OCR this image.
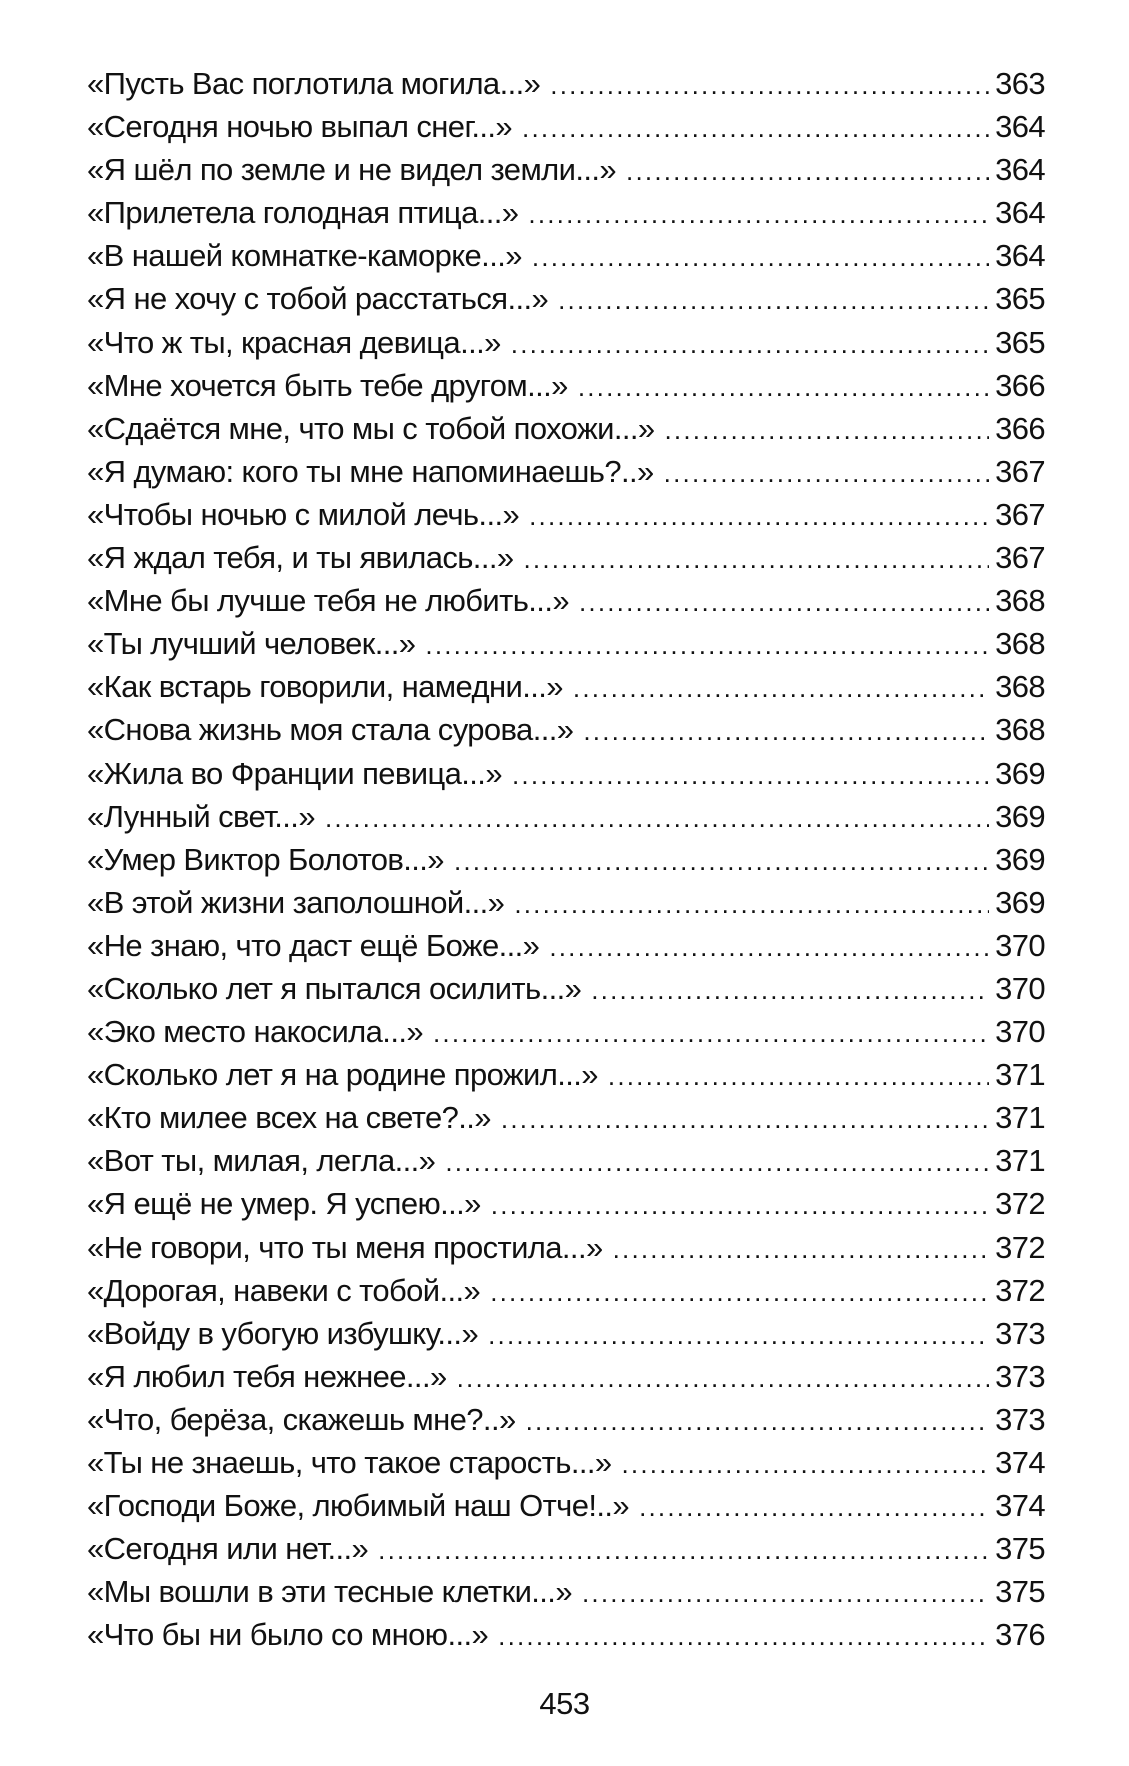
«Пусть Вас поглотила могила...» .....	363
«Сегодня ночью выпал снег...» .....	364
«Я шёл по земле и не видел земли...» .....	364
«Прилетела голодная птица...» .....	364
«В нашей комнатке-каморке...» .....	364
«Я не хочу с тобой расстаться...» .....	365
«Что ж ты, красная девица...» .....	365
«Мне хочется быть тебе другом...» .....	366
«Сдаётся мне, что мы с тобой похожи...» .....	366
«Я думаю: кого ты мне напоминаешь?..» .....	367
«Чтобы ночью с милой лечь...» .....	367
«Я ждал тебя, и ты явилась...» .....	367
«Мне бы лучше тебя не любить...» .....	368
«Ты лучший человек...» .....	368
«Как встарь говорили, намедни...» .....	368
«Снова жизнь моя стала сурова...» .....	368
«Жила во Франции певица...» .....	369
«Лунный свет...» .....	369
«Умер Виктор Болотов...» .....	369
«В этой жизни заполошной...» .....	369
«Не знаю, что даст ещё Боже...» .....	370
«Сколько лет я пытался осилить...» .....	370
«Эко место накосила...» .....	370
«Сколько лет я на родине прожил...» .....	371
«Кто милее всех на свете?..» .....	371
«Вот ты, милая, легла...» .....	371
«Я ещё не умер. Я успею...» .....	372
«Не говори, что ты меня простила...» .....	372
«Дорогая, навеки с тобой...» .....	372
«Войду в убогую избушку...» .....	373
«Я любил тебя нежнее...» .....	373
«Что, берёза, скажешь мне?..» .....	373
«Ты не знаешь, что такое старость...» .....	374
«Господи Боже, любимый наш Отче!..» .....	374
«Сегодня или нет...» .....	375
«Мы вошли в эти тесные клетки...» .....	375
«Что бы ни было со мною...» .....	376
453
